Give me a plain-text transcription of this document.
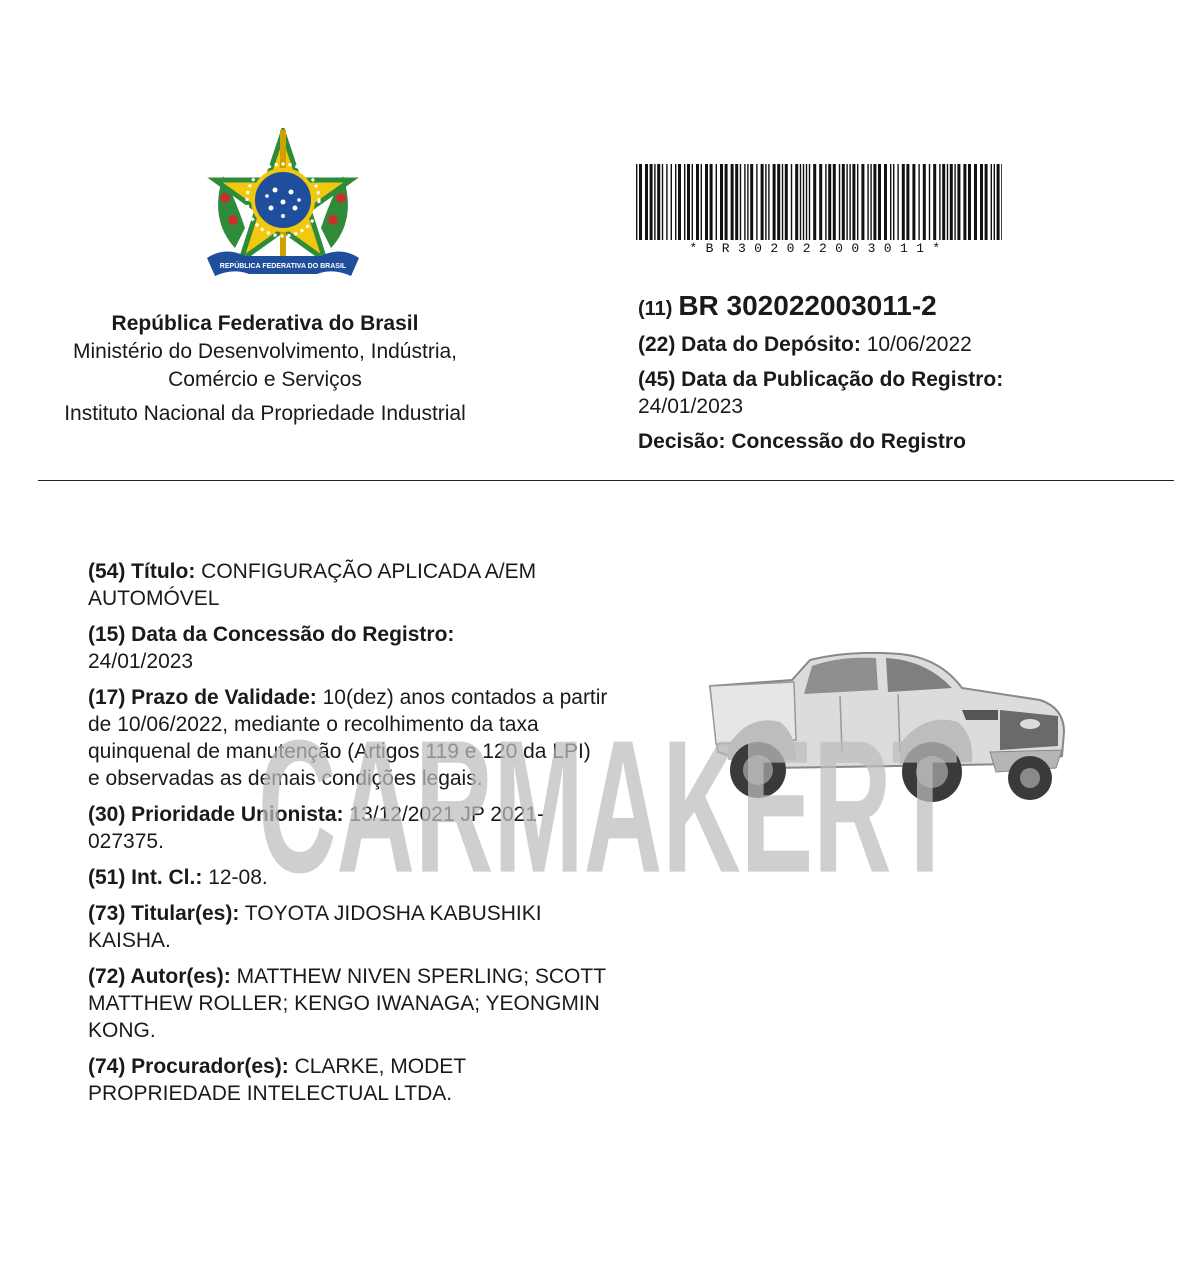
REPÚBLICA FEDERATIVA DO BRASIL
15 de novembro	de 1889
República Federativa do Brasil
Ministério do Desenvolvimento, Indústria,
Comércio e Serviços
Instituto Nacional da Propriedade Industrial
*BR302022003011*
(11) BR 302022003011-2
(22) Data do Depósito: 10/06/2022
(45) Data da Publicação do Registro:
24/01/2023
Decisão: Concessão do Registro
(54) Título: CONFIGURAÇÃO APLICADA A/EM AUTOMÓVEL
(15) Data da Concessão do Registro:
24/01/2023
(17) Prazo de Validade: 10(dez) anos contados a partir de 10/06/2022, mediante o recolhimento da taxa quinquenal de manutenção (Artigos 119 e 120 da LPI) e observadas as demais condições legais.
(30) Prioridade Unionista: 13/12/2021 JP 2021-027375.
(51) Int. Cl.: 12-08.
(73) Titular(es): TOYOTA JIDOSHA KABUSHIKI KAISHA.
(72) Autor(es): MATTHEW NIVEN SPERLING; SCOTT MATTHEW ROLLER; KENGO IWANAGA; YEONGMIN KONG.
(74) Procurador(es): CLARKE, MODET PROPRIEDADE INTELECTUAL LTDA.
CARMAKERT
